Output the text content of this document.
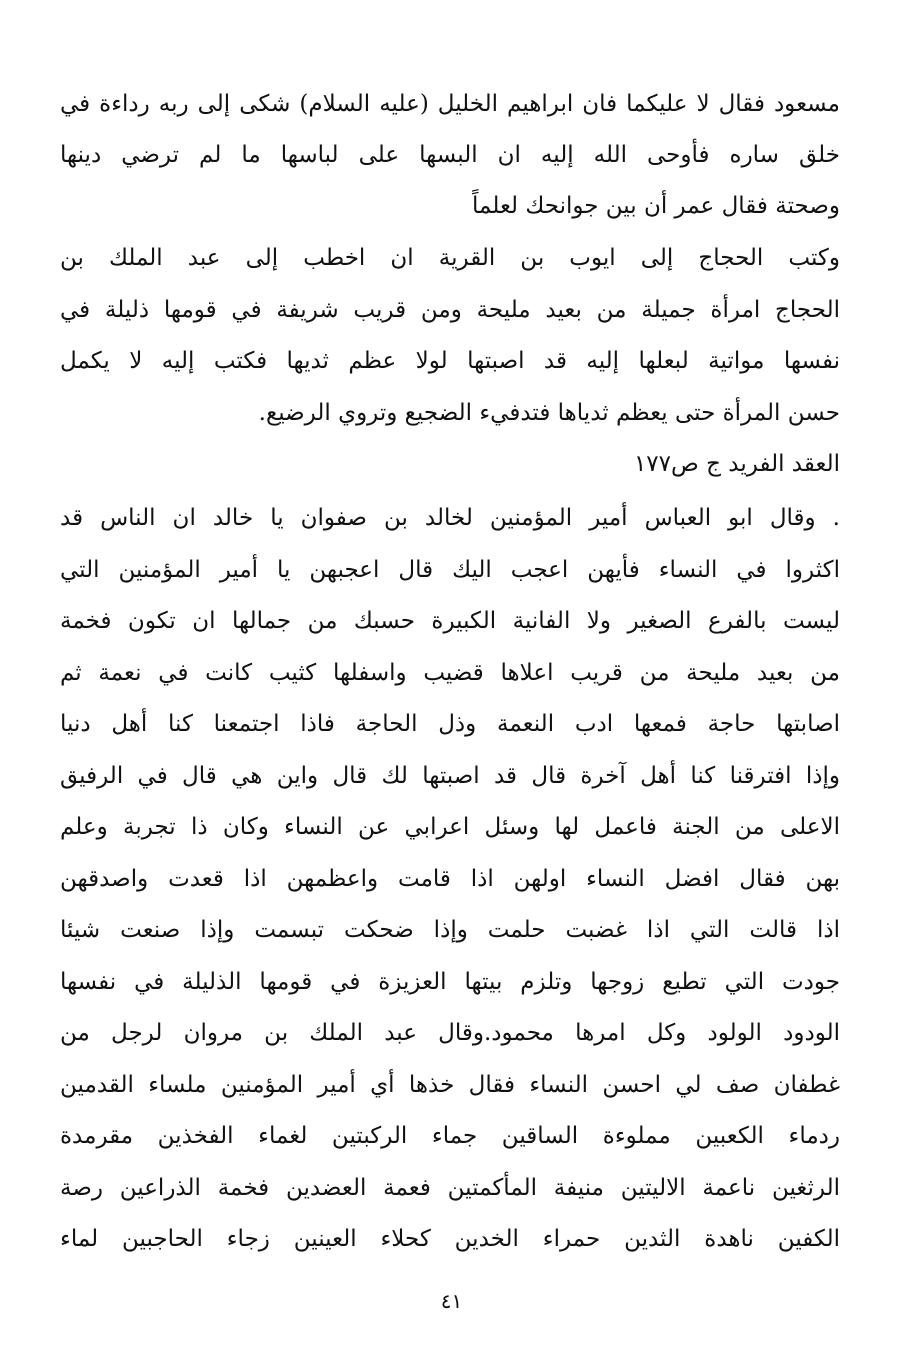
مسعود فقال لا عليكما فان ابراهيم الخليل (عليه السلام) شكى إلى ربه رداءة في
خلق ساره فأوحى الله إليه ان البسها على لباسها ما لم ترضي دينها
وصحتة فقال عمر أن بين جوانحك لعلماً
وكتب الحجاج إلى ايوب بن القرية ان اخطب إلى عبد الملك بن
الحجاج امرأة جميلة من بعيد مليحة ومن قريب شريفة في قومها ذليلة في
نفسها مواتية لبعلها إليه قد اصبتها لولا عظم ثديها فكتب إليه لا يكمل
حسن المرأة حتى يعظم ثدياها فتدفيء الضجيع وتروي الرضيع.
العقد الفريد ج ص١٧٧
. وقال ابو العباس أمير المؤمنين لخالد بن صفوان يا خالد ان الناس قد
اكثروا في النساء فأيهن اعجب اليك قال اعجبهن يا أمير المؤمنين التي
ليست بالفرع الصغير ولا الفانية الكبيرة حسبك من جمالها ان تكون فخمة
من بعيد مليحة من قريب اعلاها قضيب واسفلها كثيب كانت في نعمة ثم
اصابتها حاجة فمعها ادب النعمة وذل الحاجة فاذا اجتمعنا كنا أهل دنيا
وإذا افترقنا كنا أهل آخرة قال قد اصبتها لك قال واين هي قال في الرفيق
الاعلى من الجنة فاعمل لها وسئل اعرابي عن النساء وكان ذا تجربة وعلم
بهن فقال افضل النساء اولهن اذا قامت واعظمهن اذا قعدت واصدقهن
اذا قالت التي اذا غضبت حلمت وإذا ضحكت تبسمت وإذا صنعت شيئا
جودت التي تطيع زوجها وتلزم بيتها العزيزة في قومها الذليلة في نفسها
الودود الولود وكل امرها محمود.وقال عبد الملك بن مروان لرجل من
غطفان صف لي احسن النساء فقال خذها أي أمير المؤمنين ملساء القدمين
ردماء الكعبين مملوءة الساقين جماء الركبتين لغماء الفخذين مقرمدة
الرثغين ناعمة الاليتين منيفة المأكمتين فعمة العضدين فخمة الذراعين رصة
الكفين ناهدة الثدين حمراء الخدين كحلاء العينين زجاء الحاجبين لماء
٤١
